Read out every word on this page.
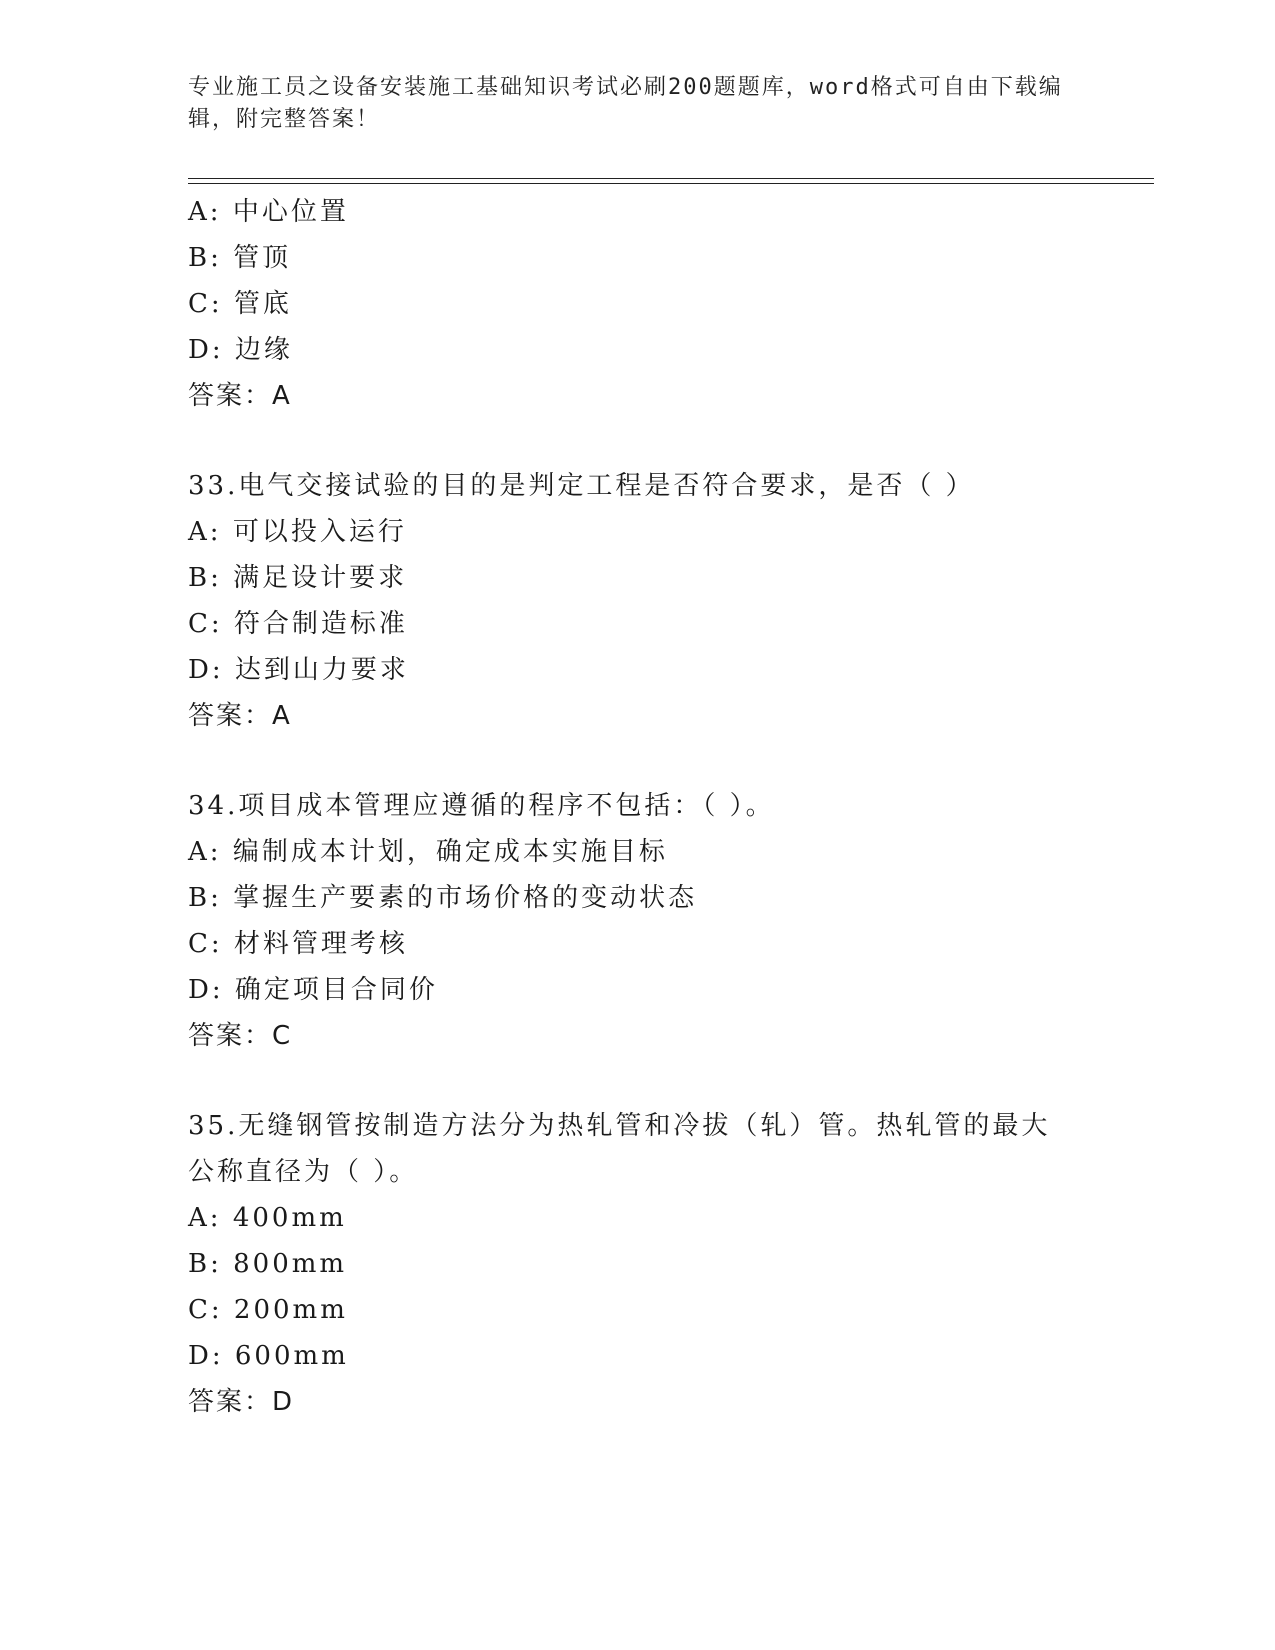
专业施工员之设备安装施工基础知识考试必刷200题题库，word格式可自由下载编辑，附完整答案！
A: 中心位置
B: 管顶
C: 管底
D: 边缘
答案：A
33.电气交接试验的目的是判定工程是否符合要求，是否（ ）
A: 可以投入运行
B: 满足设计要求
C: 符合制造标准
D: 达到山力要求
答案：A
34.项目成本管理应遵循的程序不包括：（ ）。
A: 编制成本计划，确定成本实施目标
B: 掌握生产要素的市场价格的变动状态
C: 材料管理考核
D: 确定项目合同价
答案：C
35.无缝钢管按制造方法分为热轧管和冷拔（轧）管。热轧管的最大公称直径为（ ）。
A: 400mm
B: 800mm
C: 200mm
D: 600mm
答案：D
